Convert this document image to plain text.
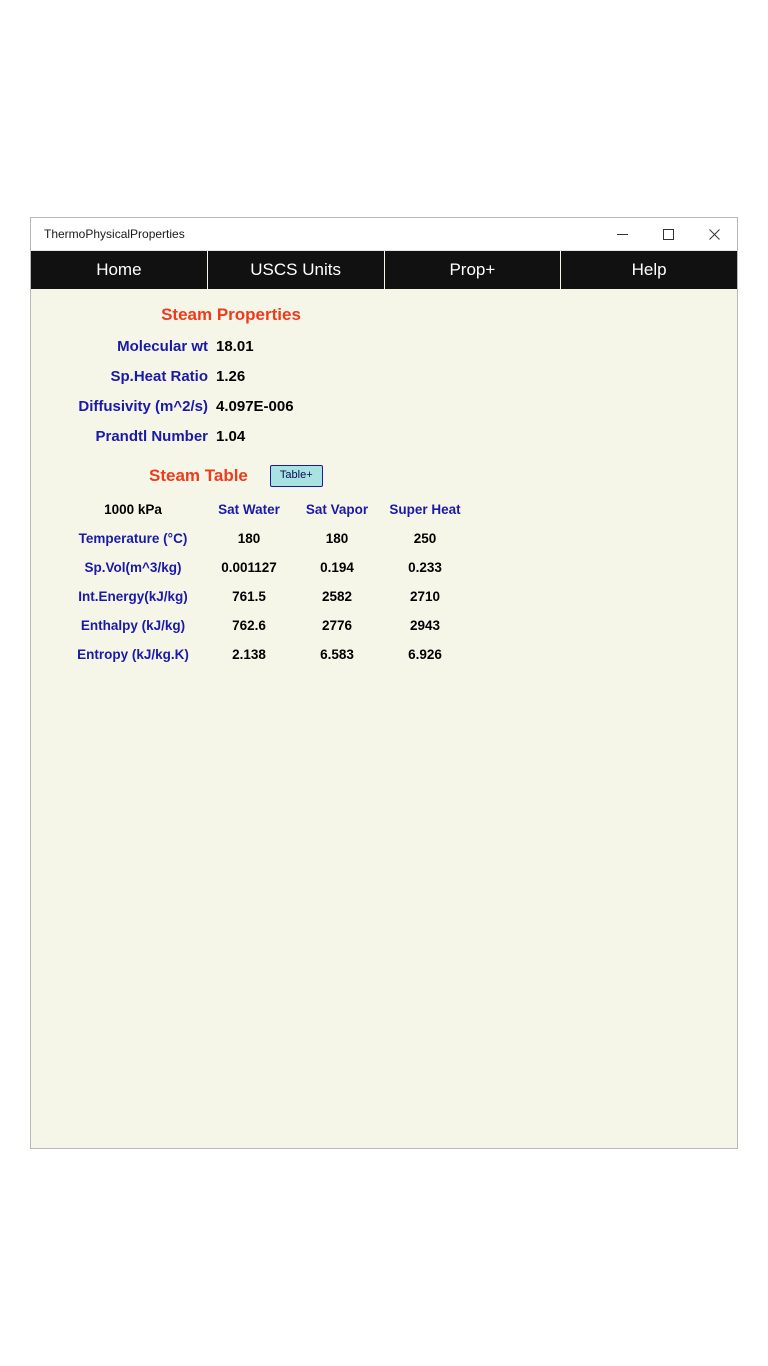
ThermoPhysicalProperties
Home	USCS Units	Prop+	Help
Steam Properties
Molecular wt 18.01
Sp.Heat Ratio 1.26
Diffusivity (m^2/s) 4.097E-006
Prandtl Number 1.04
Steam Table	Table+
1000 kPa	Sat Water	Sat Vapor	Super Heat
Temperature (°C)	180	180	250
Sp.Vol(m^3/kg)	0.001127	0.194	0.233
Int.Energy(kJ/kg)	761.5	2582	2710
Enthalpy (kJ/kg)	762.6	2776	2943
Entropy (kJ/kg.K)	2.138	6.583	6.926
